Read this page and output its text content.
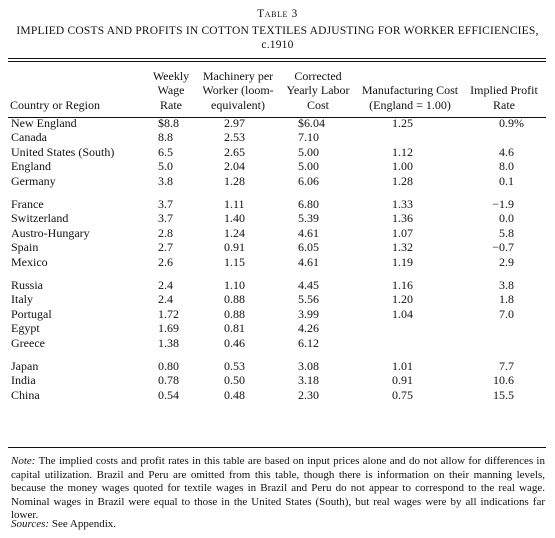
Table 3
IMPLIED COSTS AND PROFITS IN COTTON TEXTILES ADJUSTING FOR WORKER EFFICIENCIES, c.1910
Country or Region	Weekly Wage Rate	Machinery per Worker (loom-equivalent)	Corrected Yearly Labor Cost	Manufacturing Cost (England = 1.00)	Implied Profit Rate
New England	$8.8	2.97	$6.04	1.25	0.9%
Canada	8.8	2.53	7.10		
United States (South)	6.5	2.65	5.00	1.12	4.6
England	5.0	2.04	5.00	1.00	8.0
Germany	3.8	1.28	6.06	1.28	0.1
France	3.7	1.11	6.80	1.33	−1.9
Switzerland	3.7	1.40	5.39	1.36	0.0
Austro-Hungary	2.8	1.24	4.61	1.07	5.8
Spain	2.7	0.91	6.05	1.32	−0.7
Mexico	2.6	1.15	4.61	1.19	2.9
Russia	2.4	1.10	4.45	1.16	3.8
Italy	2.4	0.88	5.56	1.20	1.8
Portugal	1.72	0.88	3.99	1.04	7.0
Egypt	1.69	0.81	4.26		
Greece	1.38	0.46	6.12		
Japan	0.80	0.53	3.08	1.01	7.7
India	0.78	0.50	3.18	0.91	10.6
China	0.54	0.48	2.30	0.75	15.5
Note: The implied costs and profit rates in this table are based on input prices alone and do not allow for differences in capital utilization. Brazil and Peru are omitted from this table, though there is information on their manning levels, because the money wages quoted for textile wages in Brazil and Peru do not appear to correspond to the real wage. Nominal wages in Brazil were equal to those in the United States (South), but real wages were by all indications far lower.
Sources: See Appendix.
